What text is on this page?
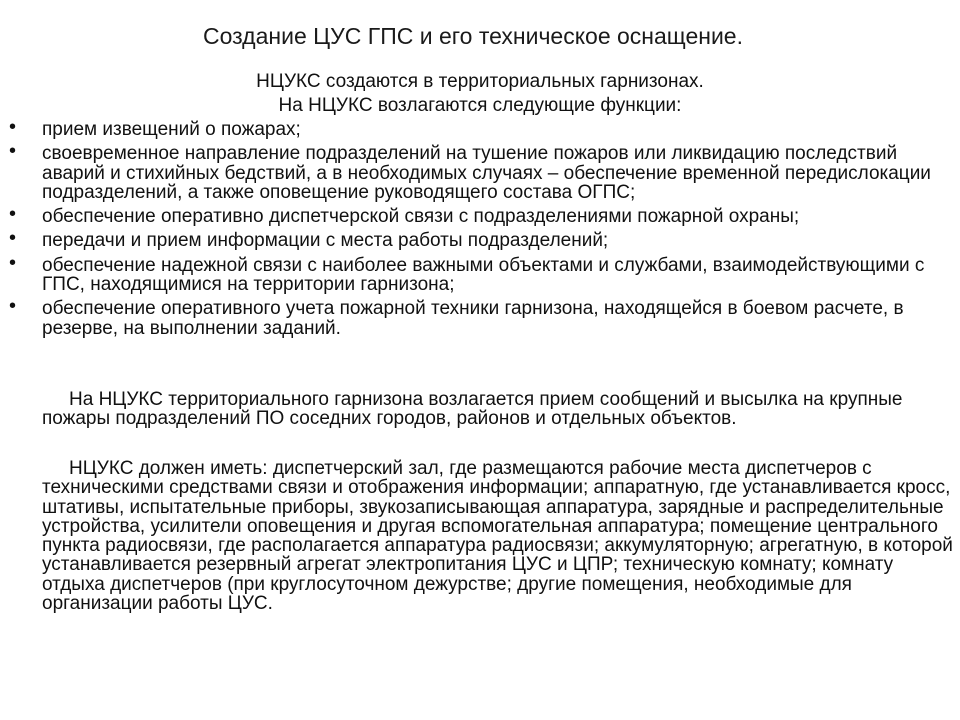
Создание ЦУС ГПС и его техническое оснащение.
НЦУКС создаются в территориальных гарнизонах.
На НЦУКС возлагаются следующие функции:
• прием извещений о пожарах;
• своевременное направление подразделений на тушение пожаров или ликвидацию последствий аварий и стихийных бедствий, а в необходимых случаях – обеспечение временной передислокации подразделений, а также оповещение руководящего состава ОГПС;
• обеспечение оперативно диспетчерской связи с подразделениями пожарной охраны;
• передачи и прием информации с места работы подразделений;
• обеспечение надежной связи с наиболее важными объектами и службами, взаимодействующими с ГПС, находящимися на территории гарнизона;
• обеспечение оперативного учета пожарной техники гарнизона, находящейся в боевом расчете, в резерве, на выполнении заданий.
На НЦУКС территориального гарнизона возлагается прием сообщений и высылка на крупные пожары подразделений ПО соседних городов, районов и отдельных объектов.
НЦУКС должен иметь: диспетчерский зал, где размещаются рабочие места диспетчеров с техническими средствами связи и отображения информации; аппаратную, где устанавливается кросс, штативы, испытательные приборы, звукозаписывающая аппаратура, зарядные и распределительные устройства, усилители оповещения и другая вспомогательная аппаратура; помещение центрального пункта радиосвязи, где располагается аппаратура радиосвязи; аккумуляторную; агрегатную, в которой устанавливается резервный агрегат электропитания ЦУС и ЦПР; техническую комнату; комнату отдыха диспетчеров (при круглосуточном дежурстве; другие помещения, необходимые для организации работы ЦУС.
